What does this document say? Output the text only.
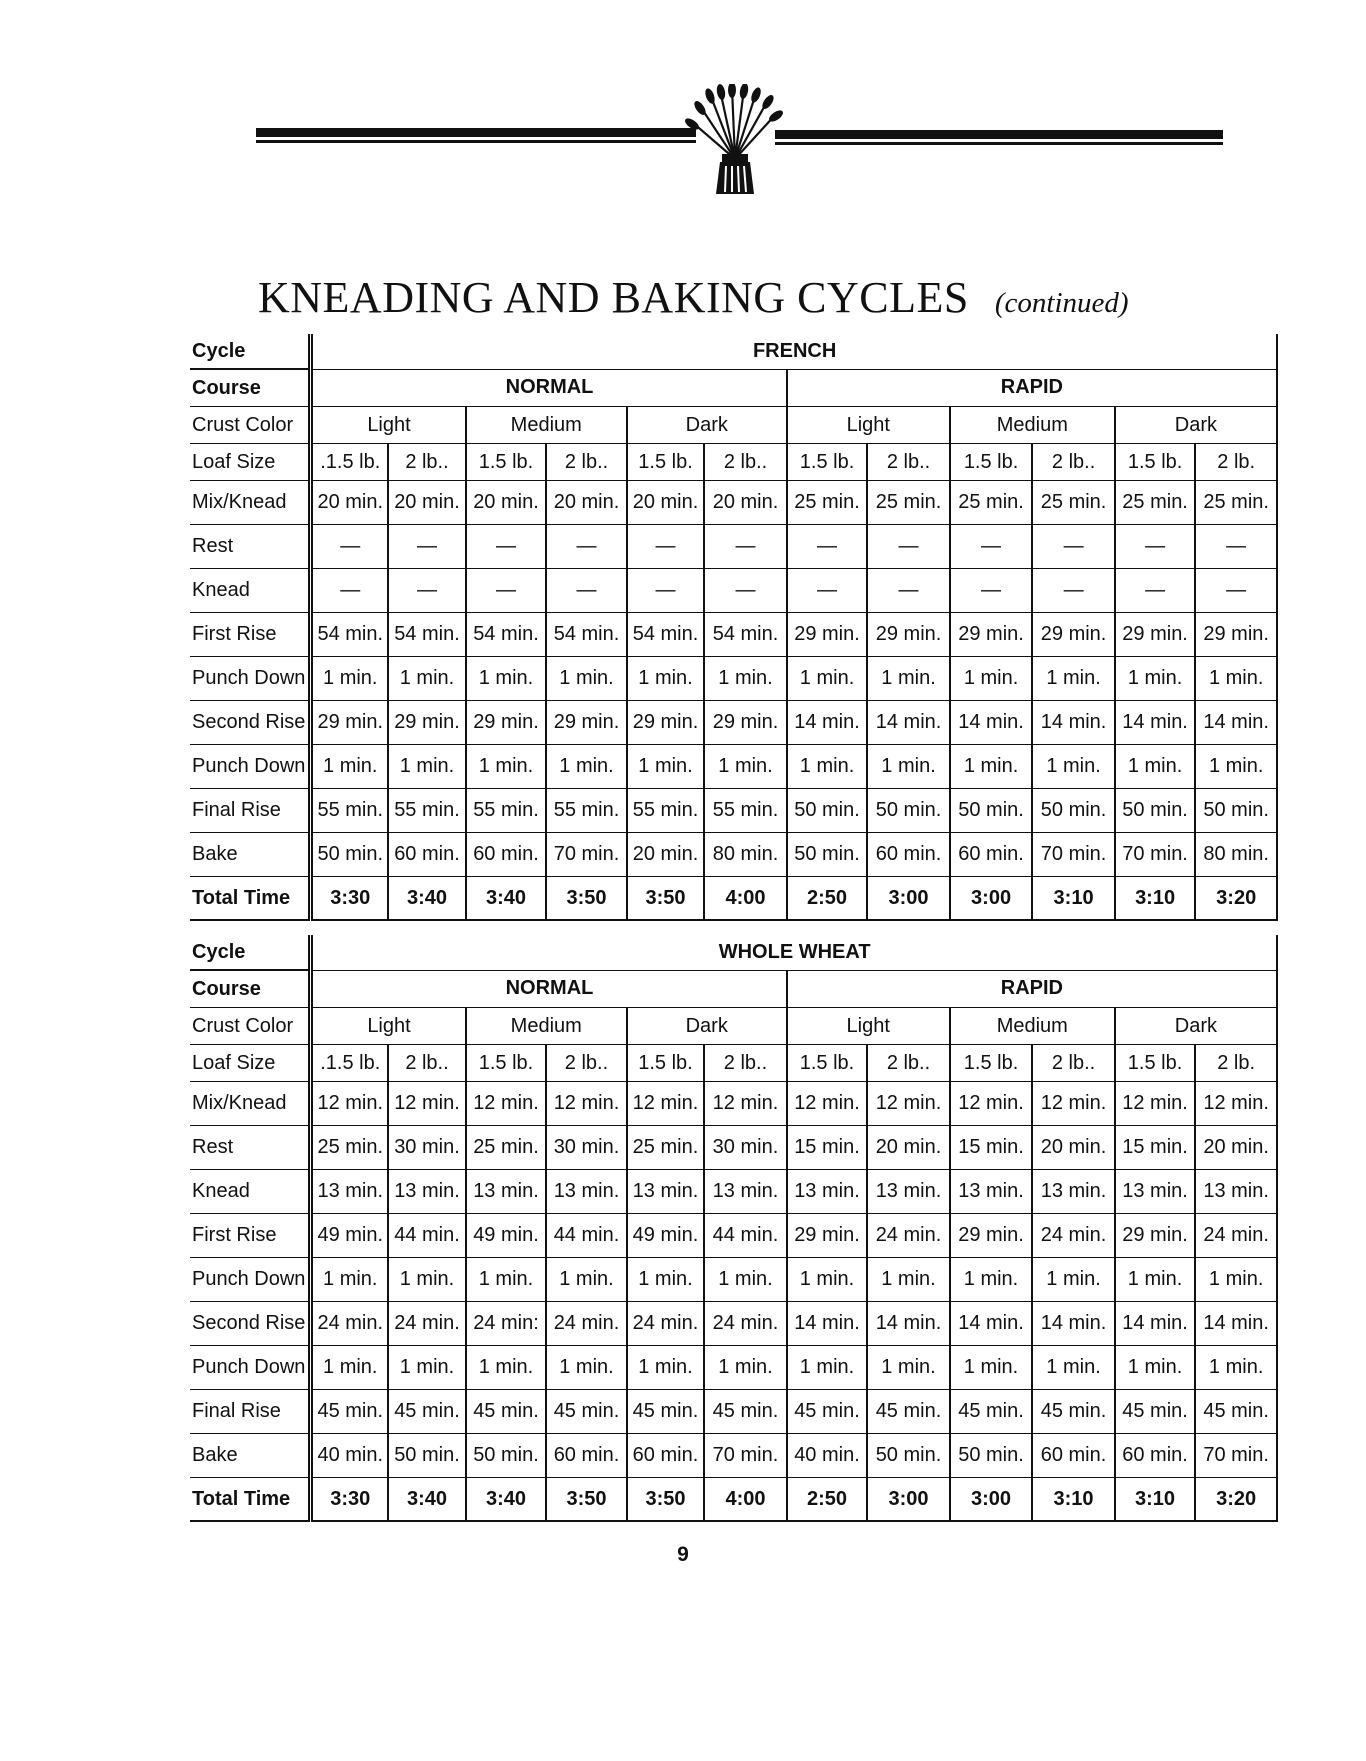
KNEADING AND BAKING CYCLES (continued)
Cycle	FRENCH											
Course	NORMAL						RAPID					
Crust Color	Light		Medium		Dark		Light		Medium		Dark	
Loaf Size	.1.5 lb.	2 lb..	1.5 lb.	2 lb..	1.5 lb.	2 lb..	1.5 lb.	2 lb..	1.5 lb.	2 lb..	1.5 lb.	2 lb.
Mix/Knead	20 min.	20 min.	20 min.	20 min.	20 min.	20 min.	25 min.	25 min.	25 min.	25 min.	25 min.	25 min.
Rest	—	—	—	—	—	—	—	—	—	—	—	—
Knead	—	—	—	—	—	—	—	—	—	—	—	—
First Rise	54 min.	54 min.	54 min.	54 min.	54 min.	54 min.	29 min.	29 min.	29 min.	29 min.	29 min.	29 min.
Punch Down	1 min.	1 min.	1 min.	1 min.	1 min.	1 min.	1 min.	1 min.	1 min.	1 min.	1 min.	1 min.
Second Rise	29 min.	29 min.	29 min.	29 min.	29 min.	29 min.	14 min.	14 min.	14 min.	14 min.	14 min.	14 min.
Punch Down	1 min.	1 min.	1 min.	1 min.	1 min.	1 min.	1 min.	1 min.	1 min.	1 min.	1 min.	1 min.
Final Rise	55 min.	55 min.	55 min.	55 min.	55 min.	55 min.	50 min.	50 min.	50 min.	50 min.	50 min.	50 min.
Bake	50 min.	60 min.	60 min.	70 min.	20 min.	80 min.	50 min.	60 min.	60 min.	70 min.	70 min.	80 min.
Total Time	3:30	3:40	3:40	3:50	3:50	4:00	2:50	3:00	3:00	3:10	3:10	3:20
Cycle	WHOLE WHEAT											
Course	NORMAL						RAPID					
Crust Color	Light		Medium		Dark		Light		Medium		Dark	
Loaf Size	.1.5 lb.	2 lb..	1.5 lb.	2 lb..	1.5 lb.	2 lb..	1.5 lb.	2 lb..	1.5 lb.	2 lb..	1.5 lb.	2 lb.
Mix/Knead	12 min.	12 min.	12 min.	12 min.	12 min.	12 min.	12 min.	12 min.	12 min.	12 min.	12 min.	12 min.
Rest	25 min.	30 min.	25 min.	30 min.	25 min.	30 min.	15 min.	20 min.	15 min.	20 min.	15 min.	20 min.
Knead	13 min.	13 min.	13 min.	13 min.	13 min.	13 min.	13 min.	13 min.	13 min.	13 min.	13 min.	13 min.
First Rise	49 min.	44 min.	49 min.	44 min.	49 min.	44 min.	29 min.	24 min.	29 min.	24 min.	29 min.	24 min.
Punch Down	1 min.	1 min.	1 min.	1 min.	1 min.	1 min.	1 min.	1 min.	1 min.	1 min.	1 min.	1 min.
Second Rise	24 min.	24 min.	24 min:	24 min.	24 min.	24 min.	14 min.	14 min.	14 min.	14 min.	14 min.	14 min.
Punch Down	1 min.	1 min.	1 min.	1 min.	1 min.	1 min.	1 min.	1 min.	1 min.	1 min.	1 min.	1 min.
Final Rise	45 min.	45 min.	45 min.	45 min.	45 min.	45 min.	45 min.	45 min.	45 min.	45 min.	45 min.	45 min.
Bake	40 min.	50 min.	50 min.	60 min.	60 min.	70 min.	40 min.	50 min.	50 min.	60 min.	60 min.	70 min.
Total Time	3:30	3:40	3:40	3:50	3:50	4:00	2:50	3:00	3:00	3:10	3:10	3:20
9
